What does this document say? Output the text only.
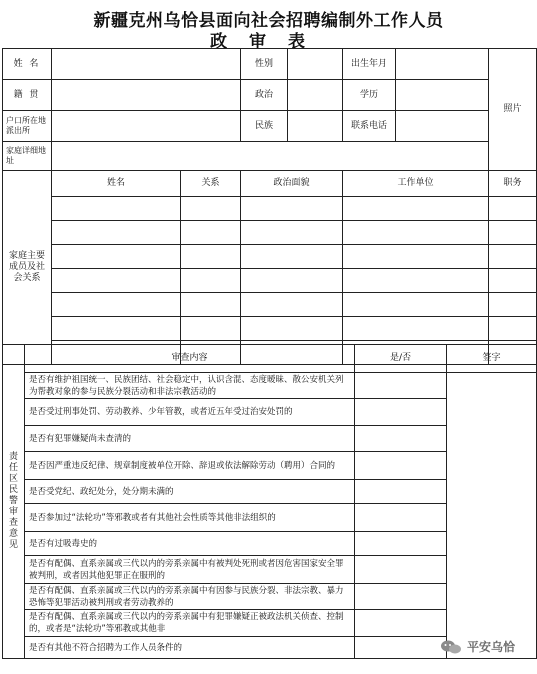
新疆克州乌恰县面向社会招聘编制外工作人员
政审表
姓 名			性别		出生年月		照片
籍 贯			政治		学历		
户口所在地派出所			民族		联系电话		
家庭详细地址							
家庭主要成员及社会关系	姓名	关系	政治面貌		工作单位		职务

责任区民警审查意见	审查内容	是/否	签字
	是否有维护祖国统一、民族团结、社会稳定中，认识含混、态度暧昧、散公安机关列为帮教对象的参与民族分裂活动和非法宗教活动的		
	是否受过刑事处罚、劳动教养、少年管教，或者近五年受过治安处罚的		
	是否有犯罪嫌疑尚未查清的		
	是否因严重违反纪律、规章制度被单位开除、辞退或依法解除劳动（聘用）合同的		
	是否受党纪、政纪处分，处分期未满的		
	是否参加过“法轮功”等邪教或者有其他社会性质等其他非法组织的		
	是否有过吸毒史的		
	是否有配偶、直系亲属或三代以内的旁系亲属中有被判处死刑或者因危害国家安全罪被判刑，或者因其他犯罪正在服刑的		
	是否有配偶、直系亲属或三代以内的旁系亲属中有因参与民族分裂、非法宗教、暴力恐怖等犯罪活动被判刑或者劳动教养的		
	是否有配偶、直系亲属或三代以内的旁系亲属中有犯罪嫌疑正被政法机关侦查、控制的，或者是“法轮功”等邪教或其他非		
	是否有其他不符合招聘为工作人员条件的			平安乌恰
